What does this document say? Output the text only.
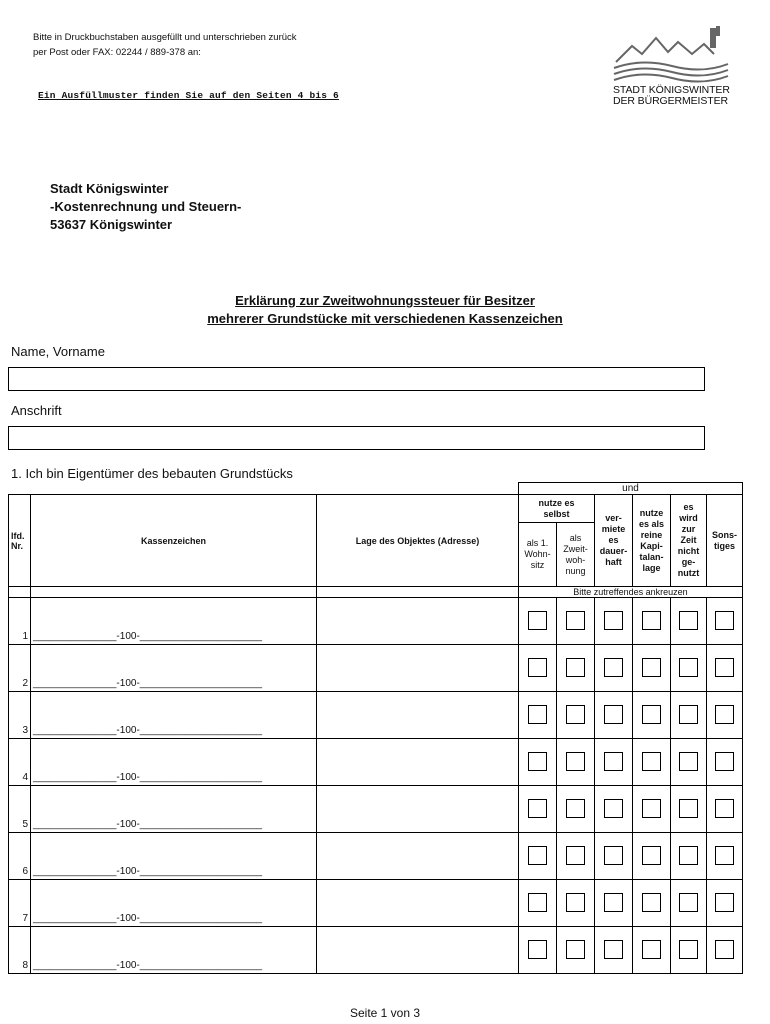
Bitte in Druckbuchstaben ausgefüllt und unterschrieben zurück
per Post oder FAX: 02244 / 889-378 an:
Ein Ausfüllmuster finden Sie auf den Seiten 4 bis 6	STADT KÖNIGSWINTER
DER BÜRGERMEISTER
Stadt Königswinter
-Kostenrechnung und Steuern-
53637 Königswinter
Erklärung zur Zweitwohnungssteuer für Besitzer
mehrerer Grundstücke mit verschiedenen Kassenzeichen
Name, Vorname
Anschrift
1. Ich bin Eigentümer des bebauten Grundstücks
			und					
lfd.
Nr.	Kassenzeichen	Lage des Objektes (Adresse)	nutze es selbst		ver-miete es dauer-haft	nutze es als reine Kapi-talan-lage	es wird zur Zeit nicht ge-nutzt	Sons-tiges
			als 1. Wohn-sitz	als Zweit-woh-nung				
			Bitte zutreffendes ankreuzen					

1	_______________-100-______________________							

2	_______________-100-______________________							

3	_______________-100-______________________							

4	_______________-100-______________________							

5	_______________-100-______________________							

6	_______________-100-______________________							

7	_______________-100-______________________							

8	_______________-100-______________________							

Seite 1 von 3
